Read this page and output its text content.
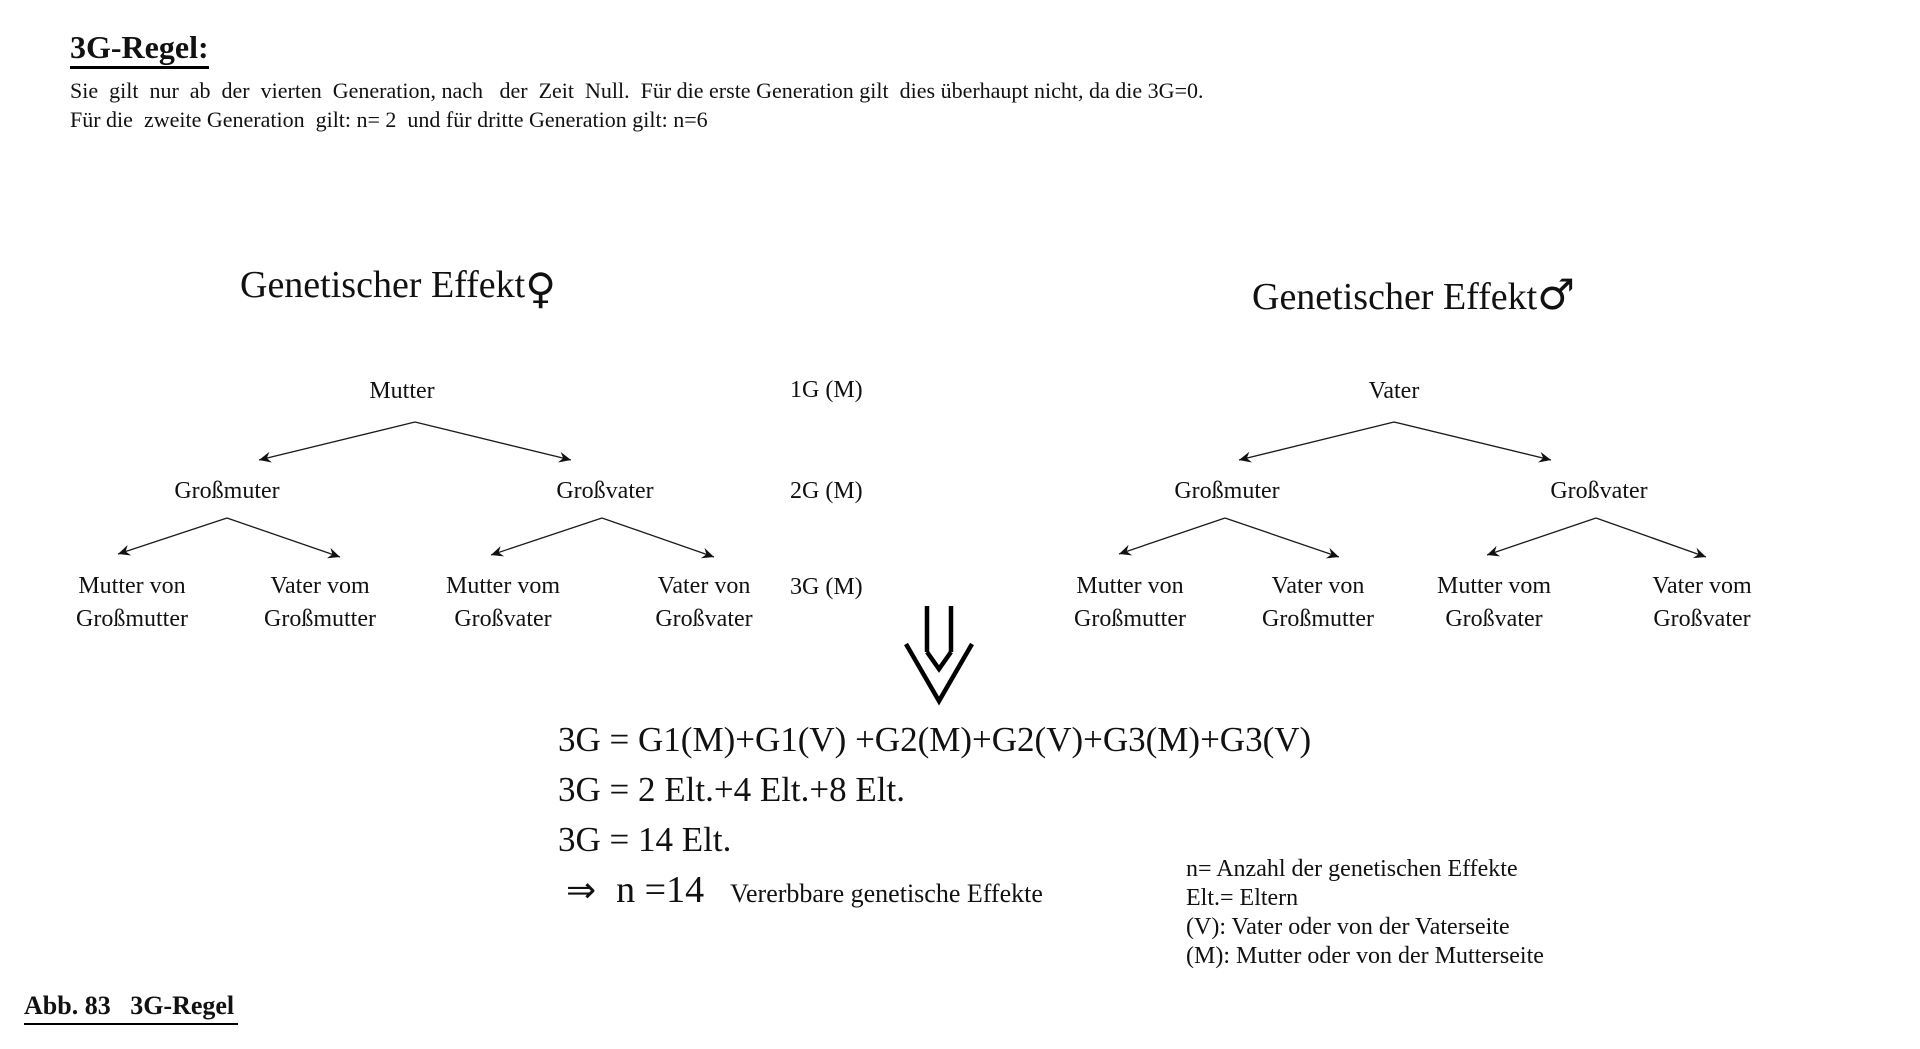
3G-Regel:
Sie  gilt  nur  ab  der  vierten  Generation, nach   der  Zeit  Null.  Für die erste Generation gilt  dies überhaupt nicht, da die 3G=0.
Für die  zweite Generation  gilt: n= 2  und für dritte Generation gilt: n=6
Genetischer Effekt♀
Mutter
Großmuter	Großvater
Mutter von
Großmutter
Vater vom
Großmutter
Mutter vom
Großvater
Vater von
Großvater
1G (M)
2G (M)
3G (M)
Genetischer Effekt♂
Vater
Großmuter	Großvater
Mutter von
Großmutter
Vater von
Großmutter
Mutter vom
Großvater
Vater vom
Großvater
3G = G1(M)+G1(V) +G2(M)+G2(V)+G3(M)+G3(V)
3G = 2 Elt.+4 Elt.+8 Elt.
3G = 14 Elt.
⇒ n =14 Vererbbare genetische Effekte
n= Anzahl der genetischen Effekte
Elt.= Eltern
(V): Vater oder von der Vaterseite
(M): Mutter oder von der Mutterseite
Abb. 83   3G-Regel
